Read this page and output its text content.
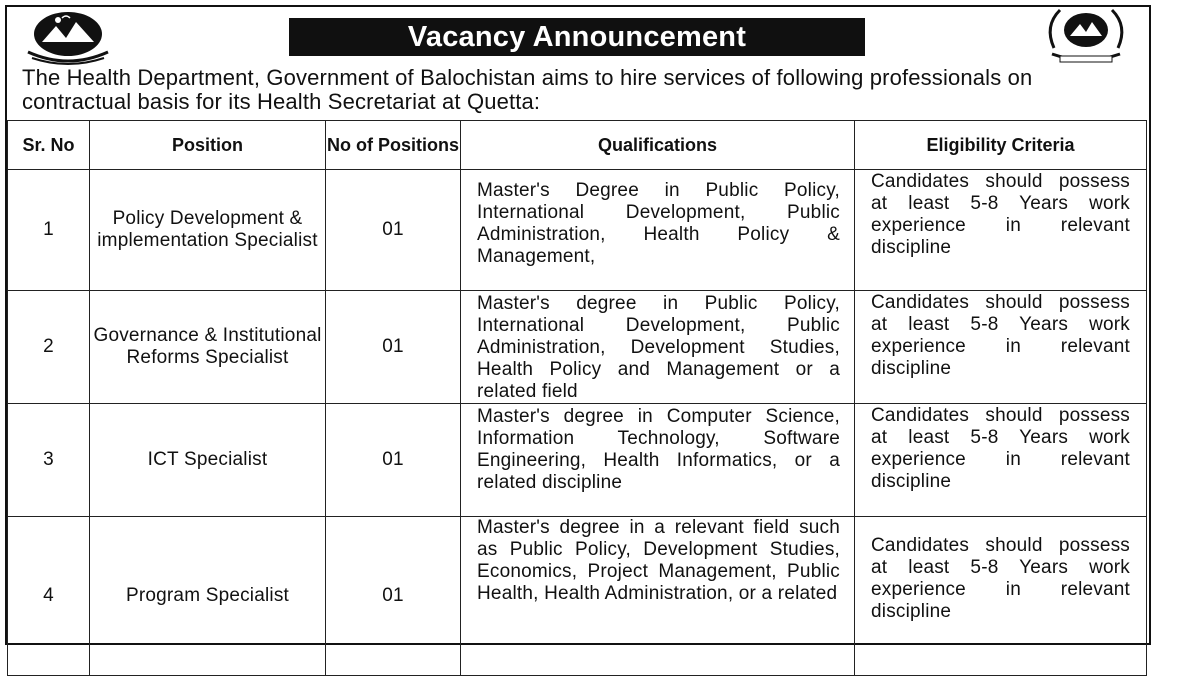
Vacancy Announcement
The Health Department, Government of Balochistan aims to hire services of following professionals on contractual basis for its Health Secretariat at Quetta:
Sr. No	Position	No of Positions	Qualifications	Eligibility Criteria
1	Policy Development & implementation Specialist	01	Master's Degree in Public Policy, International Development, Public Administration, Health Policy & Management,	Candidates should possess at least 5-8 Years work experience in relevant discipline
2	Governance & Institutional Reforms Specialist	01	Master's degree in Public Policy, International Development, Public Administration, Development Studies, Health Policy and Management or a related field	Candidates should possess at least 5-8 Years work experience in relevant discipline
3	ICT Specialist	01	Master's degree in Computer Science, Information Technology, Software Engineering, Health Informatics, or a related discipline	Candidates should possess at least 5-8 Years work experience in relevant discipline
4	Program Specialist	01	Master's degree in a relevant field such as Public Policy, Development Studies, Economics, Project Management, Public Health, Health Administration, or a related	Candidates should possess at least 5-8 Years work experience in relevant discipline
